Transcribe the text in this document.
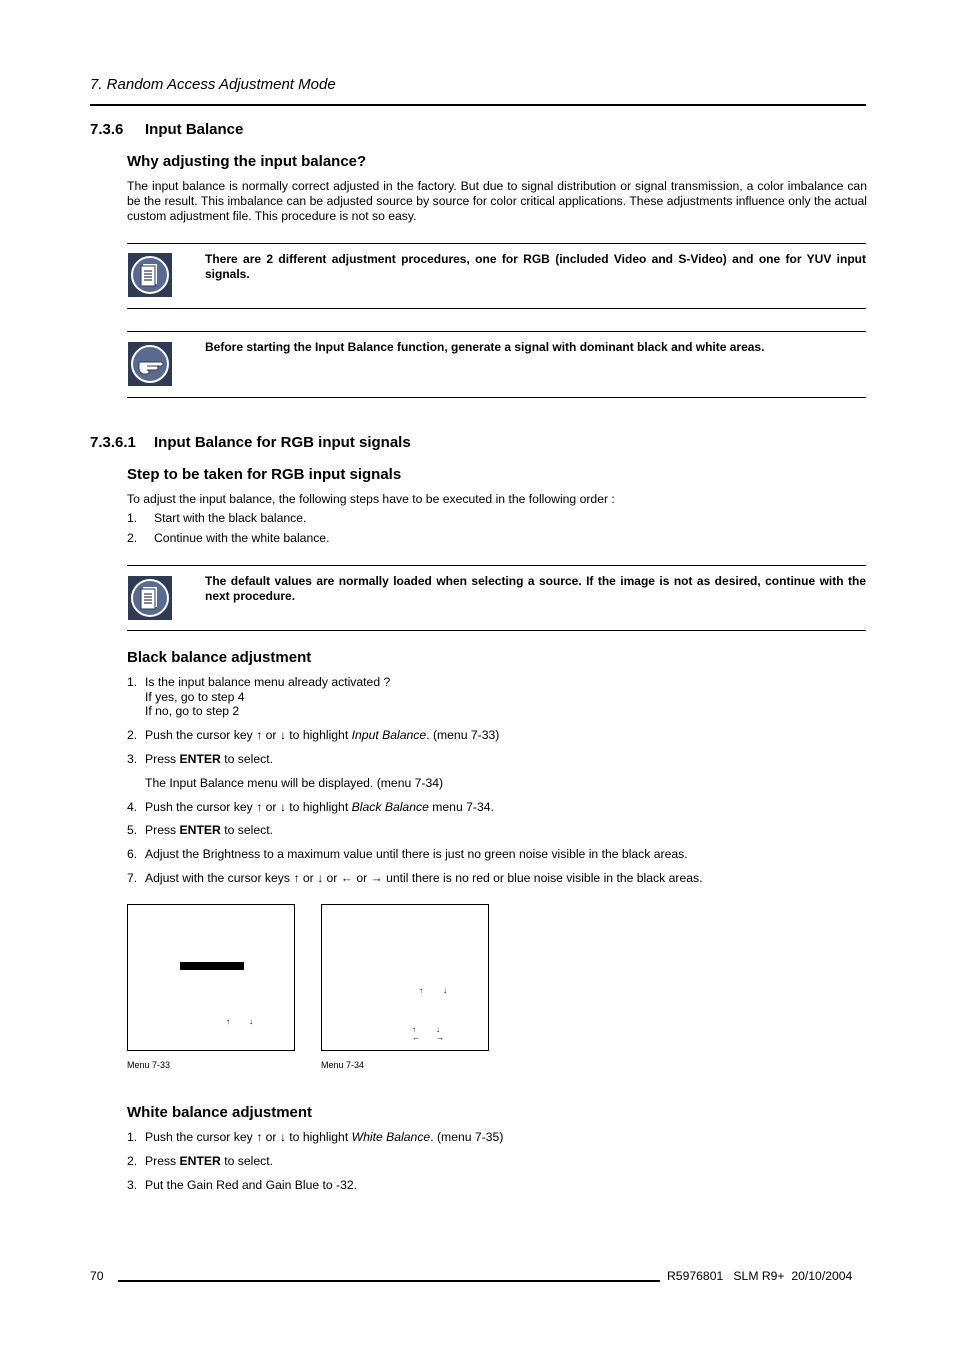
7. Random Access Adjustment Mode
7.3.6 Input Balance
Why adjusting the input balance?
The input balance is normally correct adjusted in the factory. But due to signal distribution or signal transmission, a color imbalance can be the result. This imbalance can be adjusted source by source for color critical applications. These adjustments influence only the actual custom adjustment file. This procedure is not so easy.
There are 2 different adjustment procedures, one for RGB (included Video and S-Video) and one for YUV input signals.
Before starting the Input Balance function, generate a signal with dominant black and white areas.
7.3.6.1 Input Balance for RGB input signals
Step to be taken for RGB input signals
To adjust the input balance, the following steps have to be executed in the following order :
1. Start with the black balance.
2. Continue with the white balance.
The default values are normally loaded when selecting a source. If the image is not as desired, continue with the next procedure.
Black balance adjustment
1. Is the input balance menu already activated ?
If yes, go to step 4
If no, go to step 2
2. Push the cursor key ↑ or ↓ to highlight Input Balance. (menu 7-33)
3. Press ENTER to select.
The Input Balance menu will be displayed. (menu 7-34)
4. Push the cursor key ↑ or ↓ to highlight Black Balance menu 7-34.
5. Press ENTER to select.
6. Adjust the Brightness to a maximum value until there is just no green noise visible in the black areas.
7. Adjust with the cursor keys ↑ or ↓ or ← or → until there is no red or blue noise visible in the black areas.
↑ ↓
Menu 7-33
↑	↓
↑	↓
← →
Menu 7-34
White balance adjustment
1. Push the cursor key ↑ or ↓ to highlight White Balance. (menu 7-35)
2. Press ENTER to select.
3. Put the Gain Red and Gain Blue to -32.
70	R5976801   SLM R9+  20/10/2004
